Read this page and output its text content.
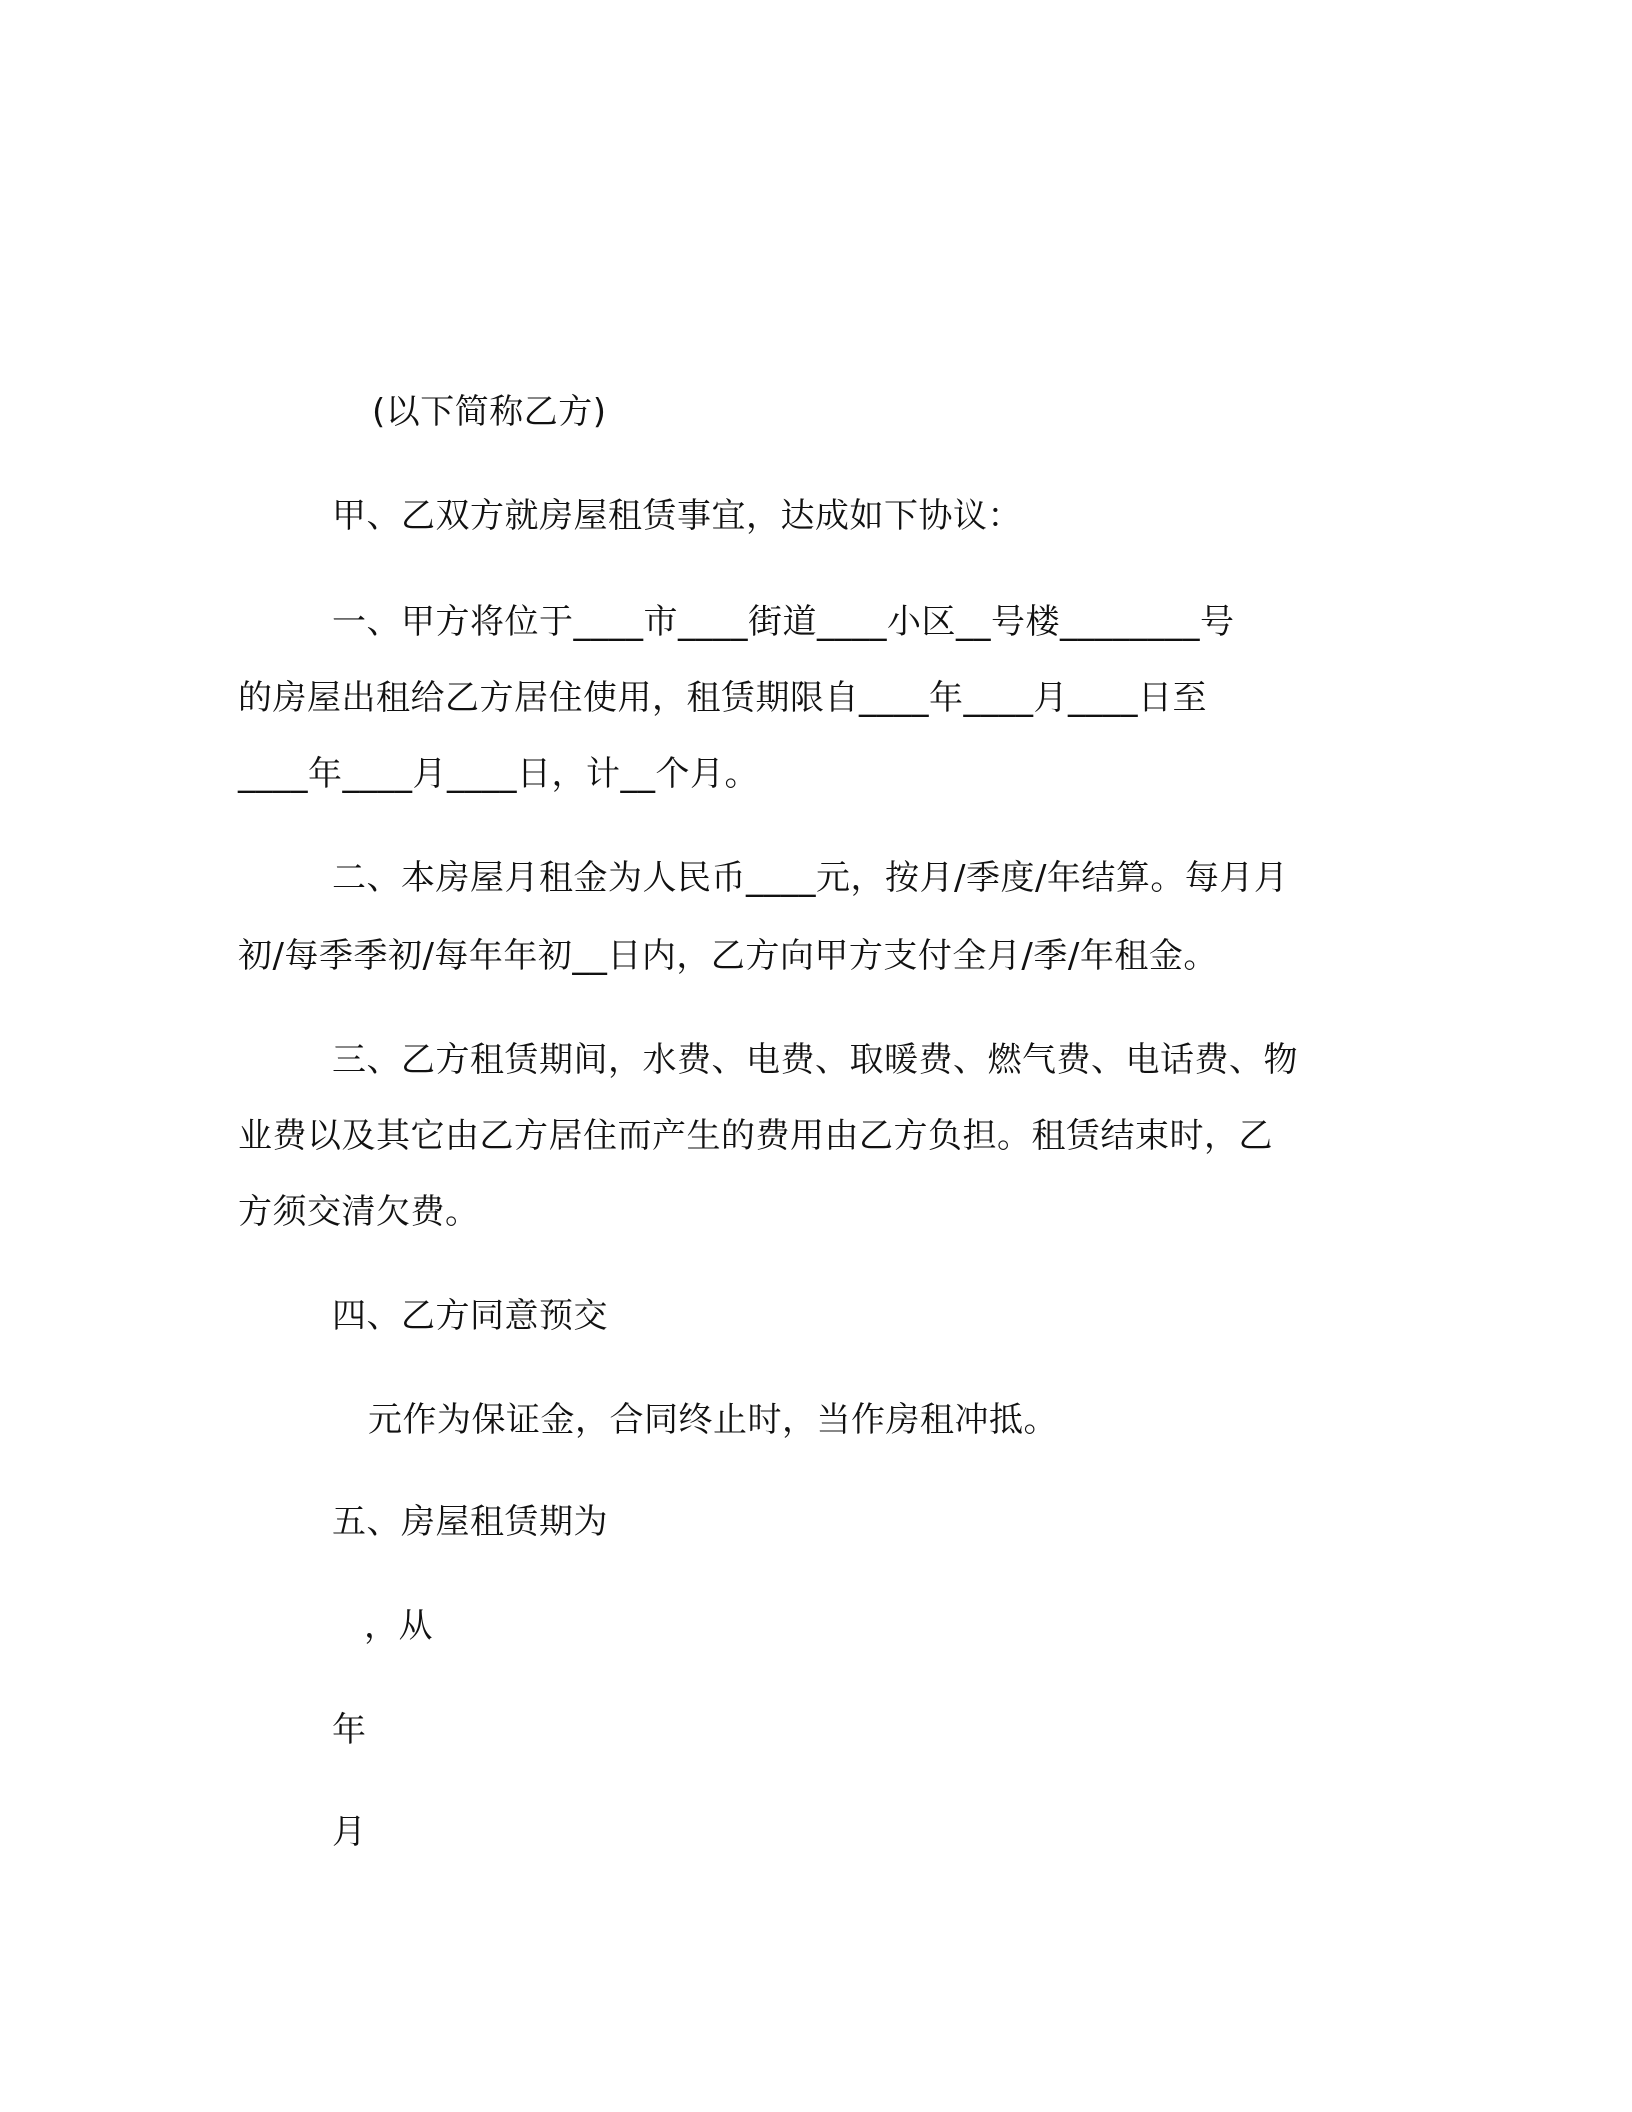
(以下简称乙方)

甲、乙双方就房屋租赁事宜，达成如下协议：

一、甲方将位于____市____街道____小区__号楼________号

的房屋出租给乙方居住使用，租赁期限自____年____月____日至

____年____月____日，计__个月。

二、本房屋月租金为人民币____元，按月/季度/年结算。每月月

初/每季季初/每年年初__日内，乙方向甲方支付全月/季/年租金。

三、乙方租赁期间，水费、电费、取暖费、燃气费、电话费、物

业费以及其它由乙方居住而产生的费用由乙方负担。租赁结束时，乙

方须交清欠费。

四、乙方同意预交

元作为保证金，合同终止时，当作房租冲抵。

五、房屋租赁期为

，从

年

月
